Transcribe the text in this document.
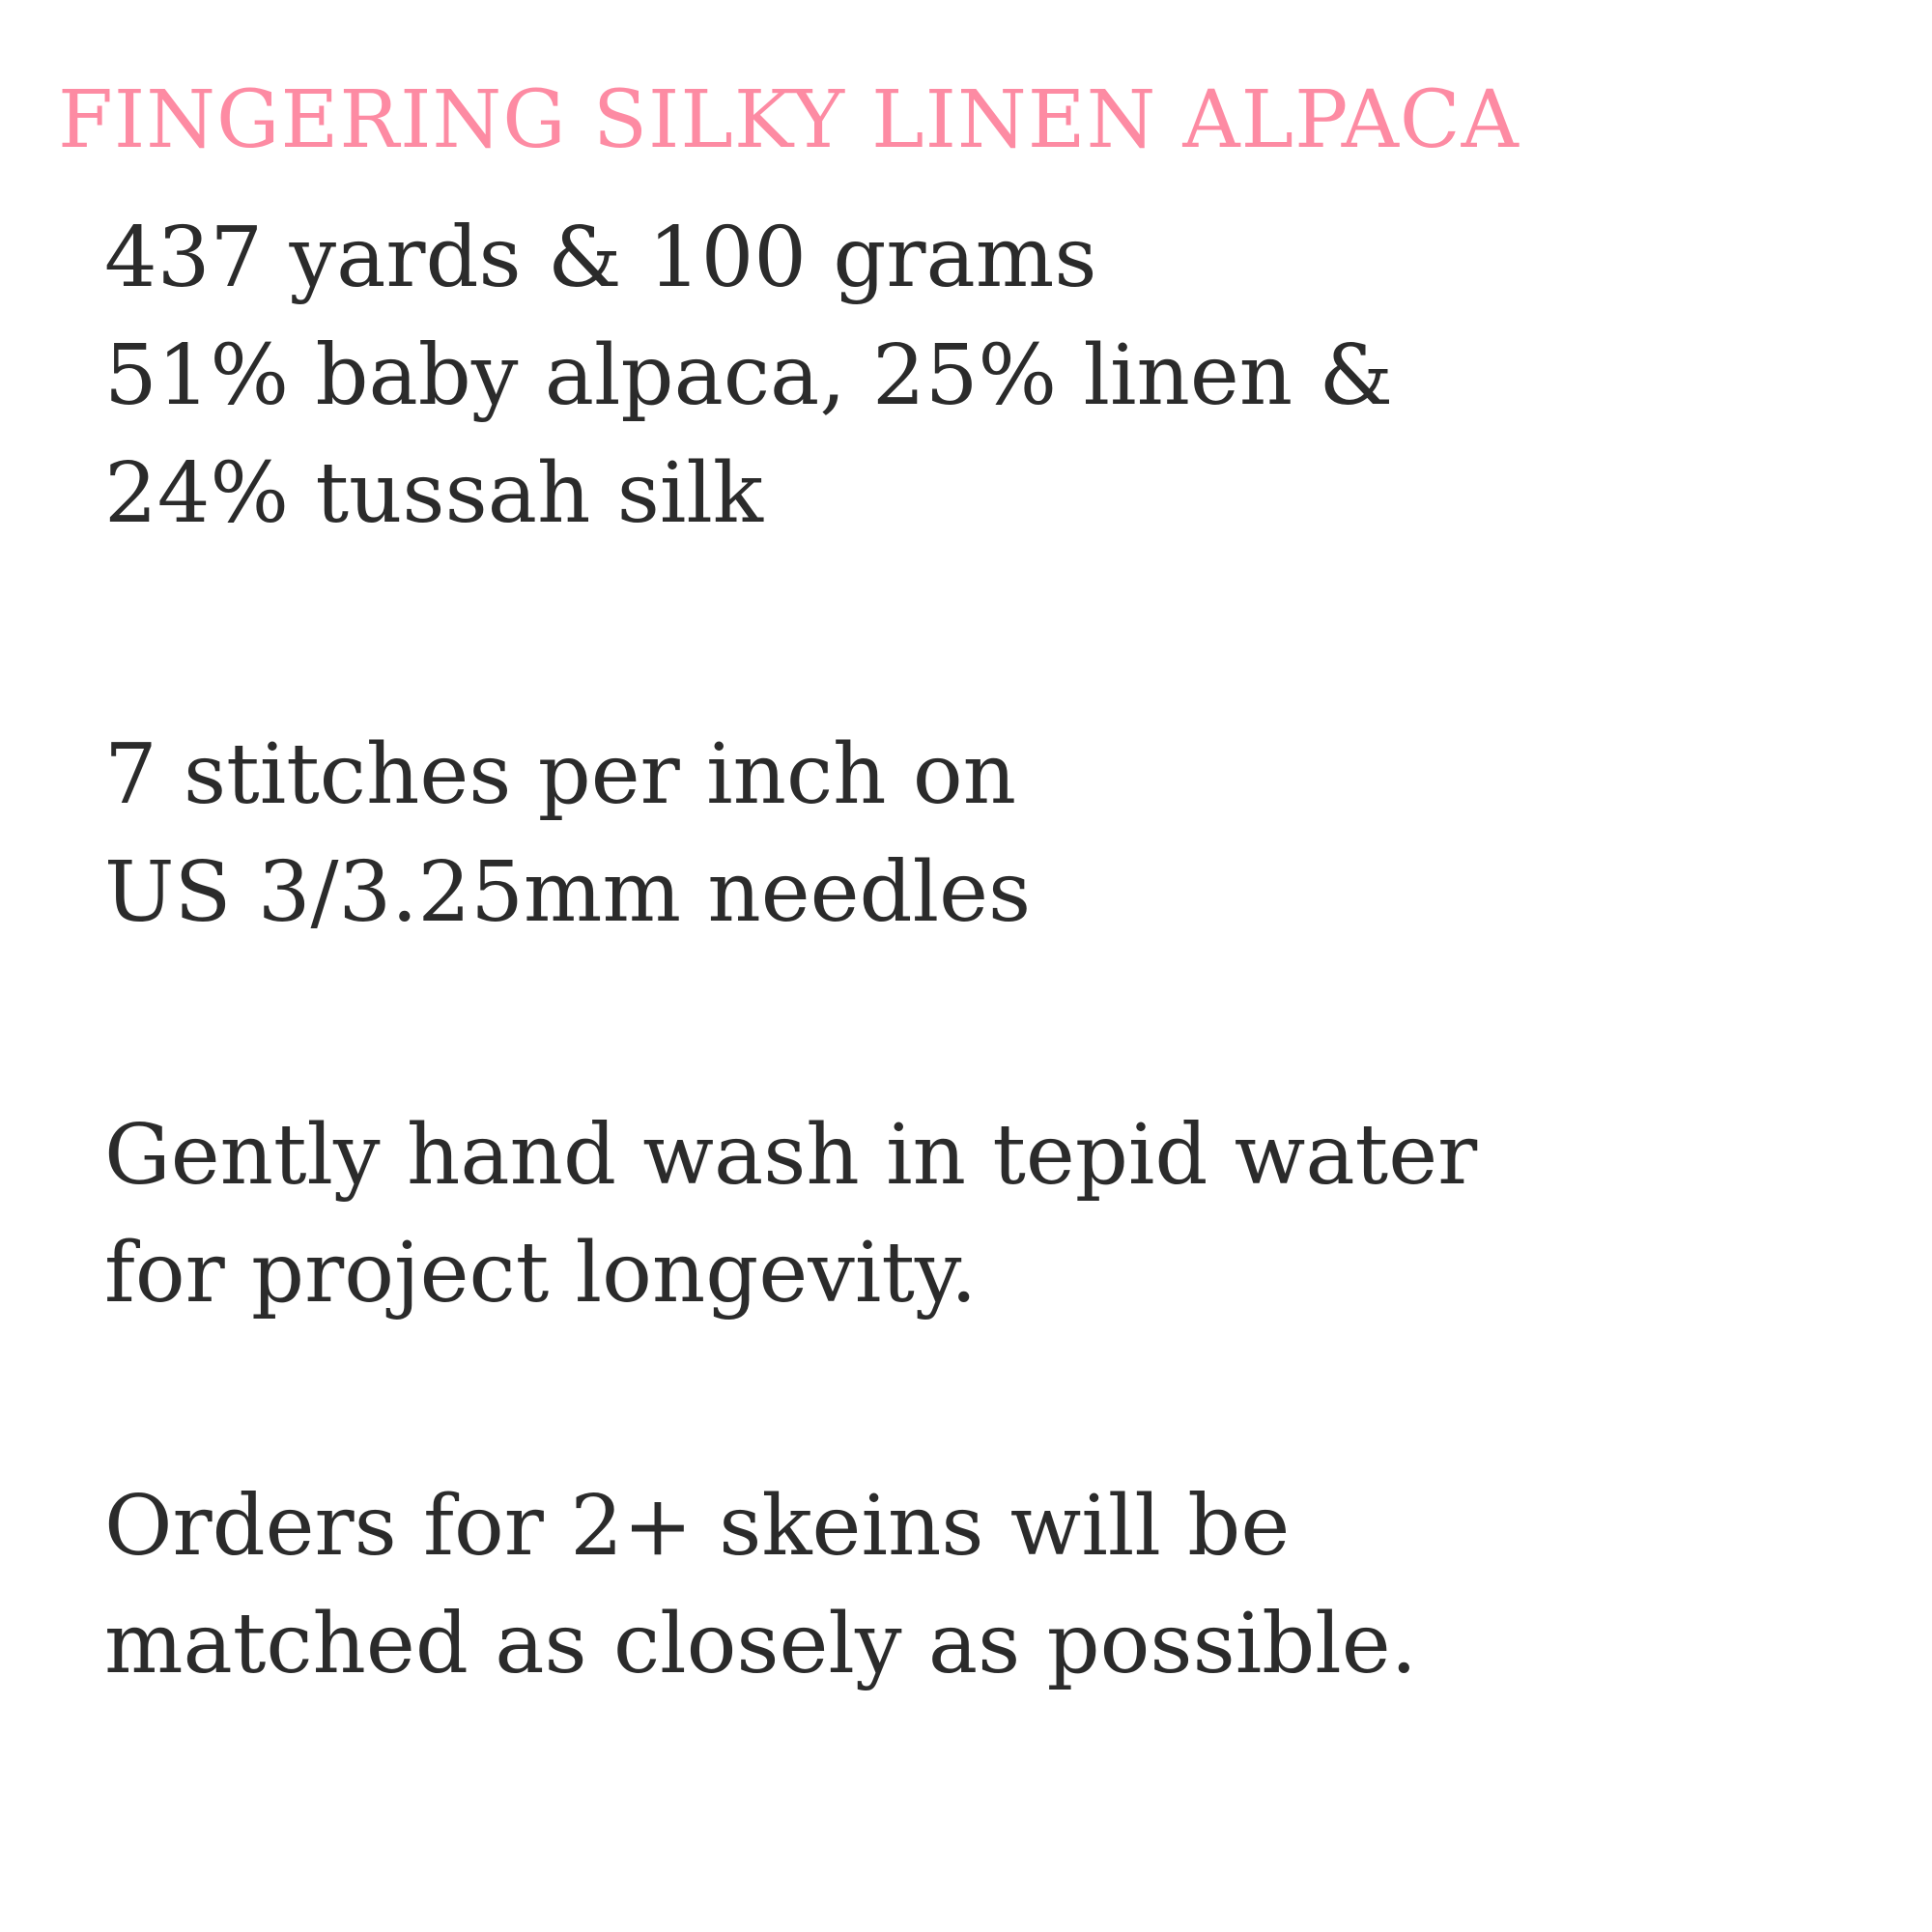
FINGERING SILKY LINEN ALPACA
437 yards & 100 grams
51% baby alpaca, 25% linen &
24% tussah silk
7 stitches per inch on
US 3/3.25mm needles
Gently hand wash in tepid water
for project longevity.
Orders for 2+ skeins will be
matched as closely as possible.
